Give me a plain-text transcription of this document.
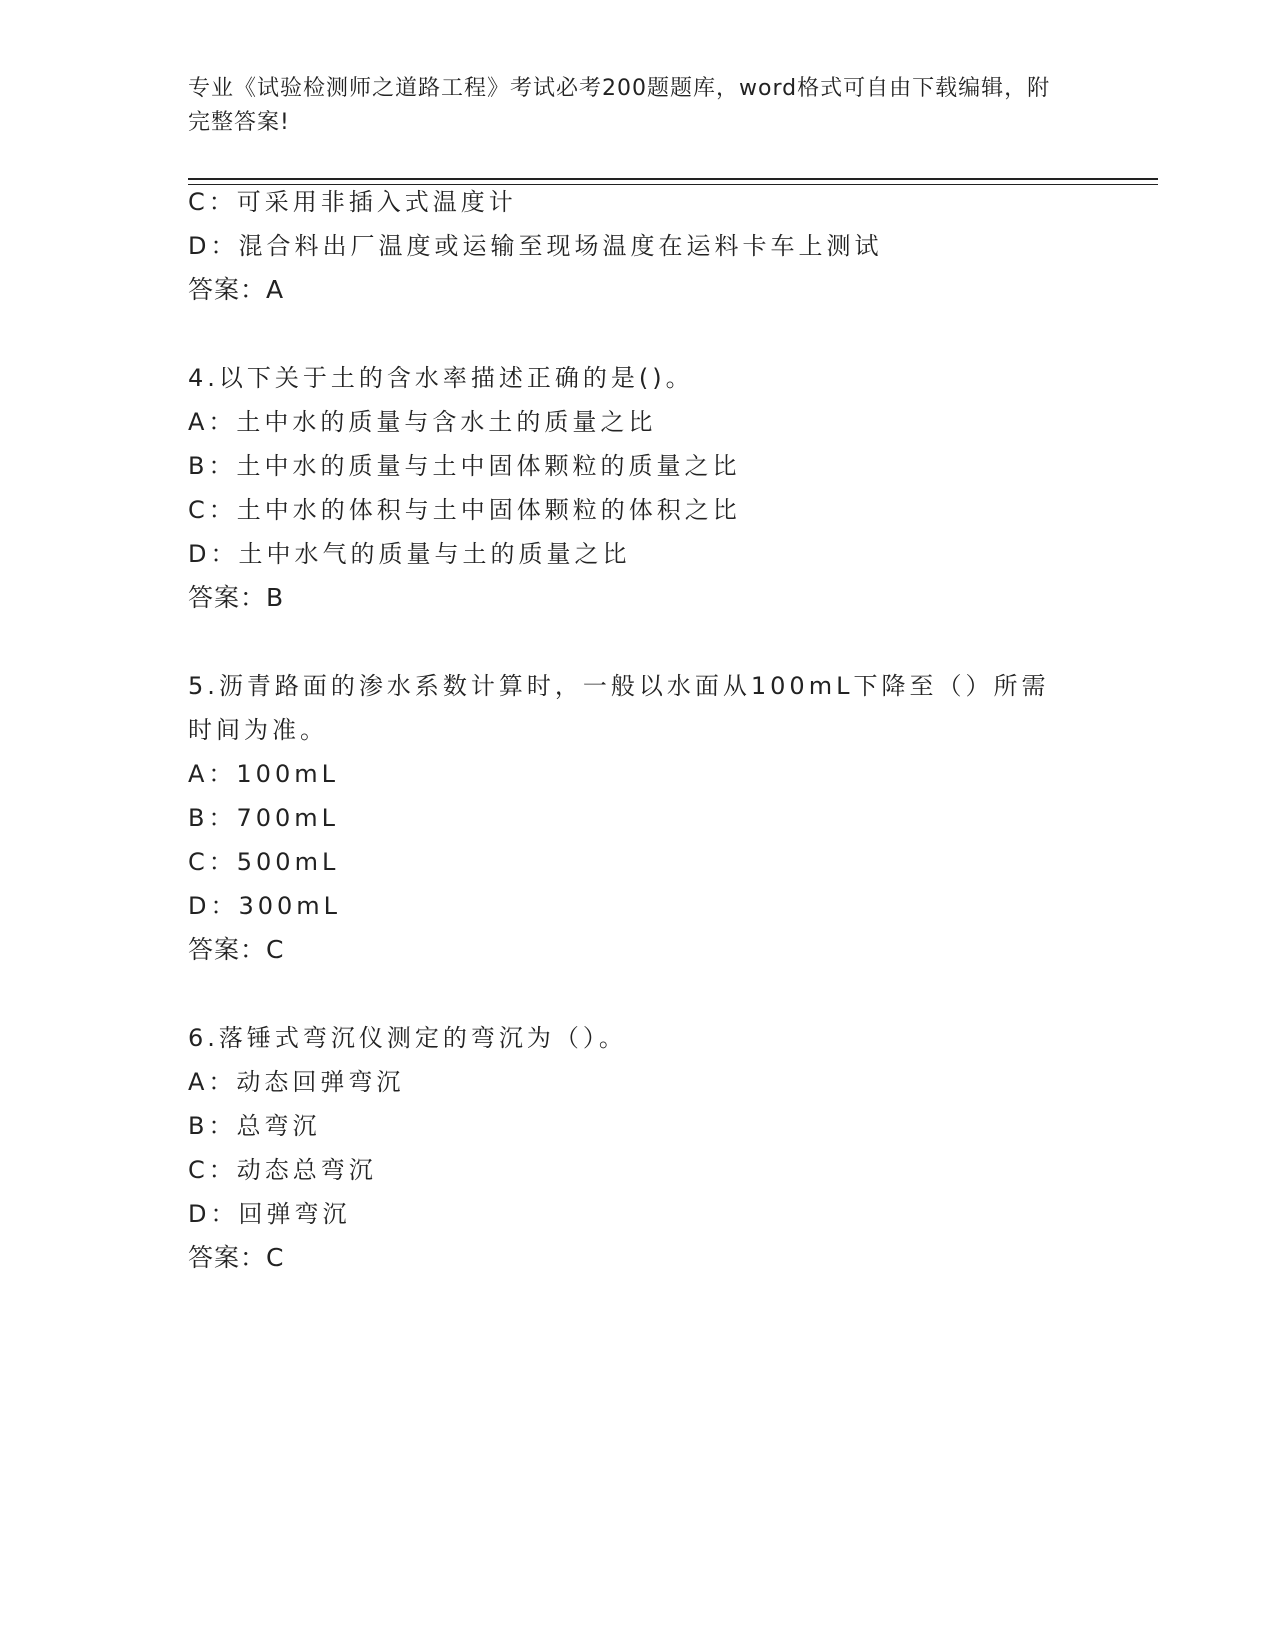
专业《试验检测师之道路工程》考试必考200题题库，word格式可自由下载编辑，附完整答案!
C：可采用非插入式温度计
D：混合料出厂温度或运输至现场温度在运料卡车上测试
答案：A
4.以下关于土的含水率描述正确的是()。
A：土中水的质量与含水土的质量之比
B：土中水的质量与土中固体颗粒的质量之比
C：土中水的体积与土中固体颗粒的体积之比
D：土中水气的质量与土的质量之比
答案：B
5.沥青路面的渗水系数计算时，一般以水面从100mL下降至（）所需
时间为准。
A：100mL
B：700mL
C：500mL
D：300mL
答案：C
6.落锤式弯沉仪测定的弯沉为（）。
A：动态回弹弯沉
B：总弯沉
C：动态总弯沉
D：回弹弯沉
答案：C
